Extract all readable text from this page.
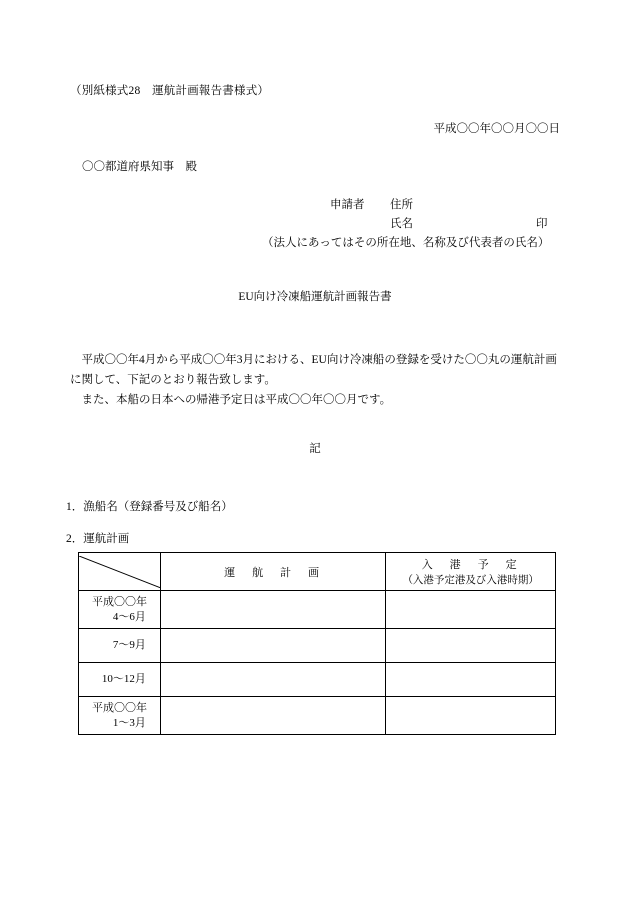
（別紙様式28　運航計画報告書様式）
平成〇〇年〇〇月〇〇日
〇〇都道府県知事　殿
申請者 住所
氏名	印
（法人にあってはその所在地、名称及び代表者の氏名）
EU向け冷凍船運航計画報告書

平成〇〇年4月から平成〇〇年3月における、EU向け冷凍船の登録を受けた〇〇丸の運航計画に関して、下記のとおり報告致します。

また、本船の日本への帰港予定日は平成〇〇年〇〇月です。

記
1．漁船名（登録番号及び船名）
2．運航計画

運　航　計　画	入　港　予　定
（入港予定港及び入港時期）

平成〇〇年
4〜6月		

7〜9月		

10〜12月		

平成〇〇年
1〜3月		
